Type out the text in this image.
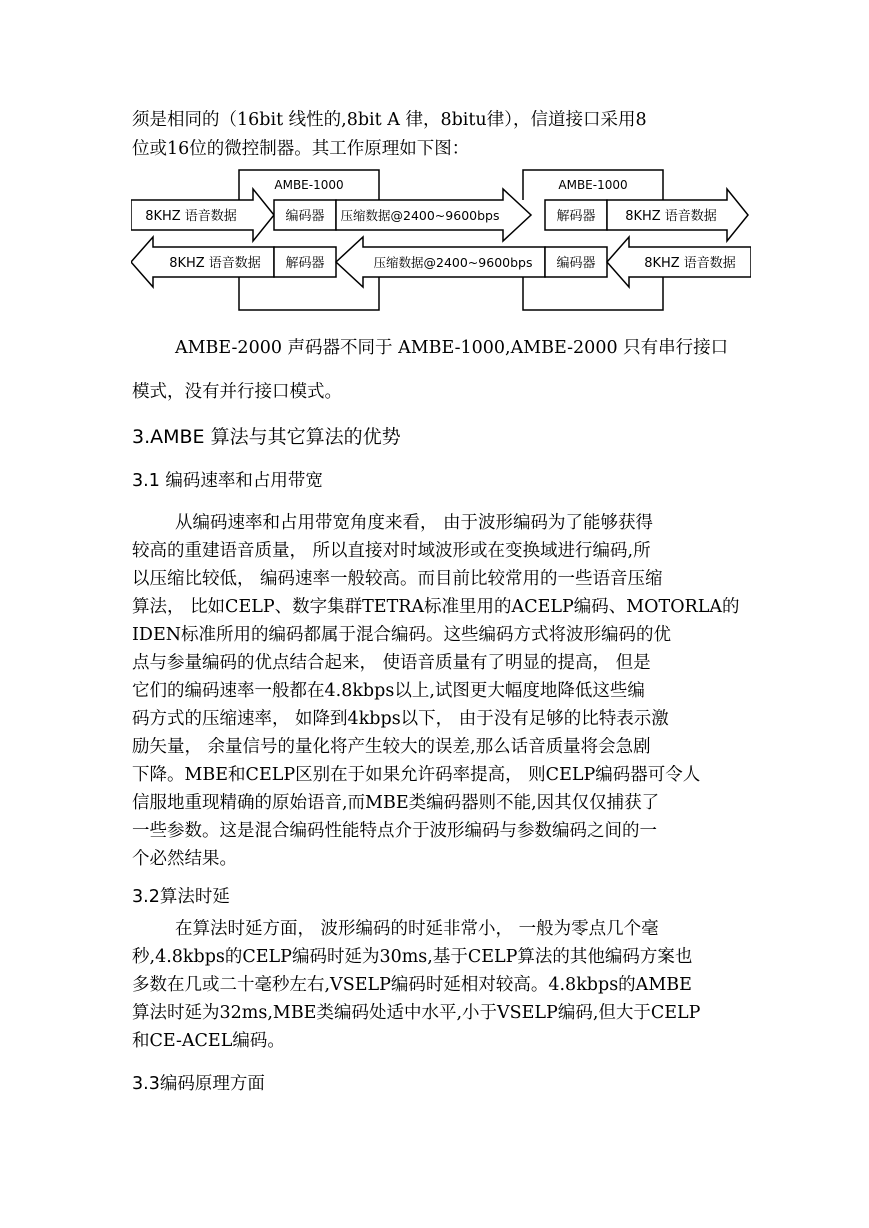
须是相同的（16bit 线性的,8bit A 律，8bitu律），信道接口采用8
位或16位的微控制器。其工作原理如下图：
AMBE-1000	AMBE-1000
8KHZ 语音数据	编码器 压缩数据@2400~9600bps	解码器 8KHZ 语音数据
8KHZ 语音数据 解码器	压缩数据@2400~9600bps 编码器	8KHZ 语音数据
AMBE-2000 声码器不同于 AMBE-1000,AMBE-2000 只有串行接口
模式，没有并行接口模式。
3.AMBE 算法与其它算法的优势
3.1 编码速率和占用带宽
从编码速率和占用带宽角度来看， 由于波形编码为了能够获得
较高的重建语音质量， 所以直接对时域波形或在变换域进行编码,所
以压缩比较低， 编码速率一般较高。而目前比较常用的一些语音压缩
算法， 比如CELP、数字集群TETRA标准里用的ACELP编码、MOTORLA的
IDEN标准所用的编码都属于混合编码。这些编码方式将波形编码的优
点与参量编码的优点结合起来， 使语音质量有了明显的提高， 但是
它们的编码速率一般都在4.8kbps以上,试图更大幅度地降低这些编
码方式的压缩速率， 如降到4kbps以下， 由于没有足够的比特表示激
励矢量， 余量信号的量化将产生较大的误差,那么话音质量将会急剧
下降。MBE和CELP区别在于如果允许码率提高， 则CELP编码器可令人
信服地重现精确的原始语音,而MBE类编码器则不能,因其仅仅捕获了
一些参数。这是混合编码性能特点介于波形编码与参数编码之间的一
个必然结果。
3.2算法时延
在算法时延方面， 波形编码的时延非常小， 一般为零点几个毫
秒,4.8kbps的CELP编码时延为30ms,基于CELP算法的其他编码方案也
多数在几或二十毫秒左右,VSELP编码时延相对较高。4.8kbps的AMBE
算法时延为32ms,MBE类编码处适中水平,小于VSELP编码,但大于CELP
和CE-ACEL编码。
3.3编码原理方面
